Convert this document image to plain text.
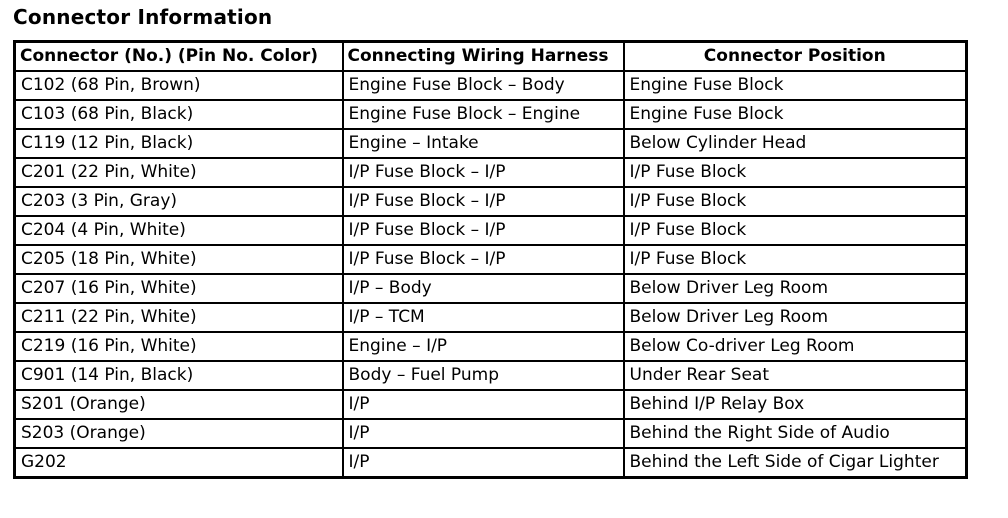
Connector Information
Connector (No.) (Pin No. Color)	Connecting Wiring Harness	Connector Position
C102 (68 Pin, Brown)	Engine Fuse Block – Body	Engine Fuse Block
C103 (68 Pin, Black)	Engine Fuse Block – Engine	Engine Fuse Block
C119 (12 Pin, Black)	Engine – Intake	Below Cylinder Head
C201 (22 Pin, White)	I/P Fuse Block – I/P	I/P Fuse Block
C203 (3 Pin, Gray)	I/P Fuse Block – I/P	I/P Fuse Block
C204 (4 Pin, White)	I/P Fuse Block – I/P	I/P Fuse Block
C205 (18 Pin, White)	I/P Fuse Block – I/P	I/P Fuse Block
C207 (16 Pin, White)	I/P – Body	Below Driver Leg Room
C211 (22 Pin, White)	I/P – TCM	Below Driver Leg Room
C219 (16 Pin, White)	Engine – I/P	Below Co-driver Leg Room
C901 (14 Pin, Black)	Body – Fuel Pump	Under Rear Seat
S201 (Orange)	I/P	Behind I/P Relay Box
S203 (Orange)	I/P	Behind the Right Side of Audio
G202	I/P	Behind the Left Side of Cigar Lighter
